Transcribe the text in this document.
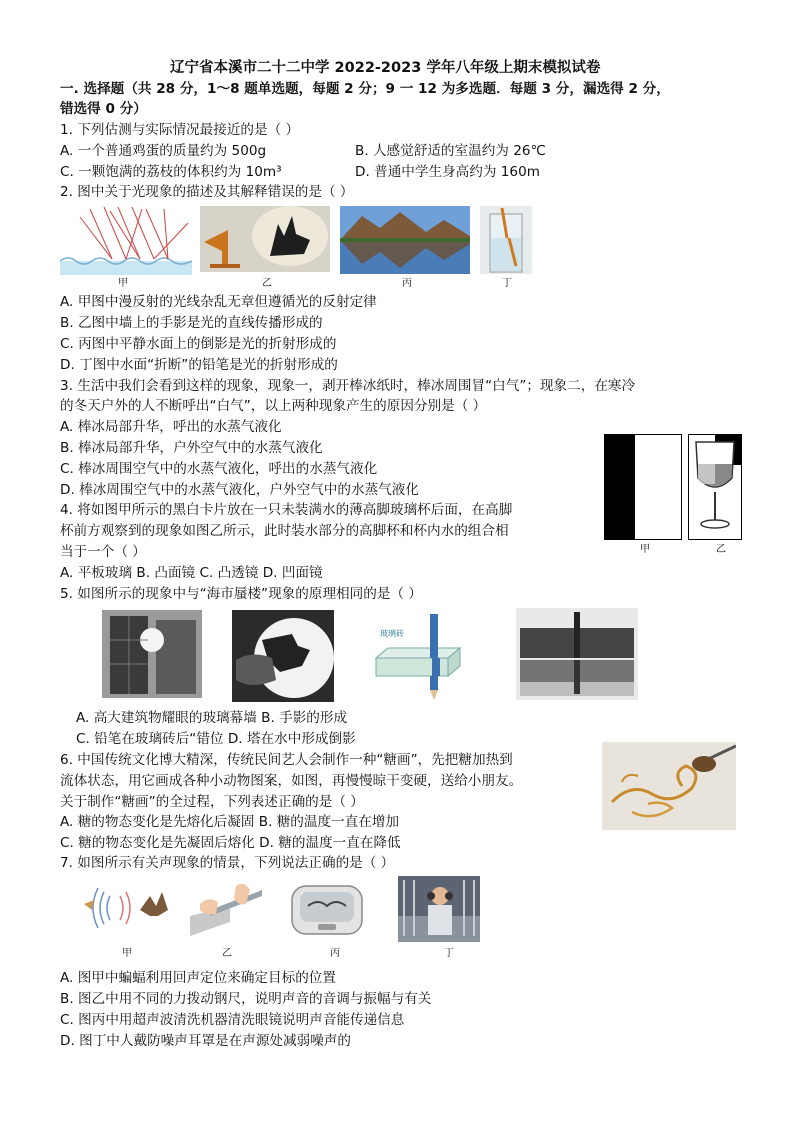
辽宁省本溪市二十二中学 2022-2023 学年八年级上期末模拟试卷
一. 选择题（共 28 分，1～8 题单选题，每题 2 分；9 一 12 为多选题．每题 3 分，漏选得 2 分，
错选得 0 分）
1. 下列估测与实际情况最接近的是（ ）
A. 一个普通鸡蛋的质量约为 500g	B. 人感觉舒适的室温约为 26℃
C. 一颗饱满的荔枝的体积约为 10m³	D. 普通中学生身高约为 160m
2. 图中关于光现象的描述及其解释错误的是（ ）
甲	乙	丙	丁
A. 甲图中漫反射的光线杂乱无章但遵循光的反射定律
B. 乙图中墙上的手影是光的直线传播形成的
C. 丙图中平静水面上的倒影是光的折射形成的
D. 丁图中水面“折断”的铅笔是光的折射形成的
3. 生活中我们会看到这样的现象，现象一，剥开棒冰纸时，棒冰周围冒“白气”；现象二，在寒冷
的冬天户外的人不断呼出“白气”，以上两种现象产生的原因分别是（ ）
A. 棒冰局部升华，呼出的水蒸气液化
B. 棒冰局部升华，户外空气中的水蒸气液化
C. 棒冰周围空气中的水蒸气液化，呼出的水蒸气液化
D. 棒冰周围空气中的水蒸气液化，户外空气中的水蒸气液化
甲	乙
4. 将如图甲所示的黑白卡片放在一只未装满水的薄高脚玻璃杯后面，在高脚
杯前方观察到的现象如图乙所示，此时装水部分的高脚杯和杯内水的组合相
当于一个（ ）
A. 平板玻璃 B. 凸面镜 C. 凸透镜 D. 凹面镜
5. 如图所示的现象中与“海市蜃楼”现象的原理相同的是（ ）
玻璃砖
A. 高大建筑物耀眼的玻璃幕墙 B. 手影的形成
C. 铅笔在玻璃砖后“错位 D. 塔在水中形成倒影
6. 中国传统文化博大精深，传统民间艺人会制作一种“糖画”，先把糖加热到
流体状态，用它画成各种小动物图案，如图，再慢慢晾干变硬，送给小朋友。
关于制作“糖画”的全过程，下列表述正确的是（ ）
A. 糖的物态变化是先熔化后凝固 B. 糖的温度一直在增加
C. 糖的物态变化是先凝固后熔化 D. 糖的温度一直在降低
7. 如图所示有关声现象的情景，下列说法正确的是（ ）
甲	乙	丙	丁
A. 图甲中蝙蝠利用回声定位来确定目标的位置
B. 图乙中用不同的力拨动钢尺，说明声音的音调与振幅与有关
C. 图丙中用超声波清洗机器清洗眼镜说明声音能传递信息
D. 图丁中人戴防噪声耳罩是在声源处减弱噪声的
